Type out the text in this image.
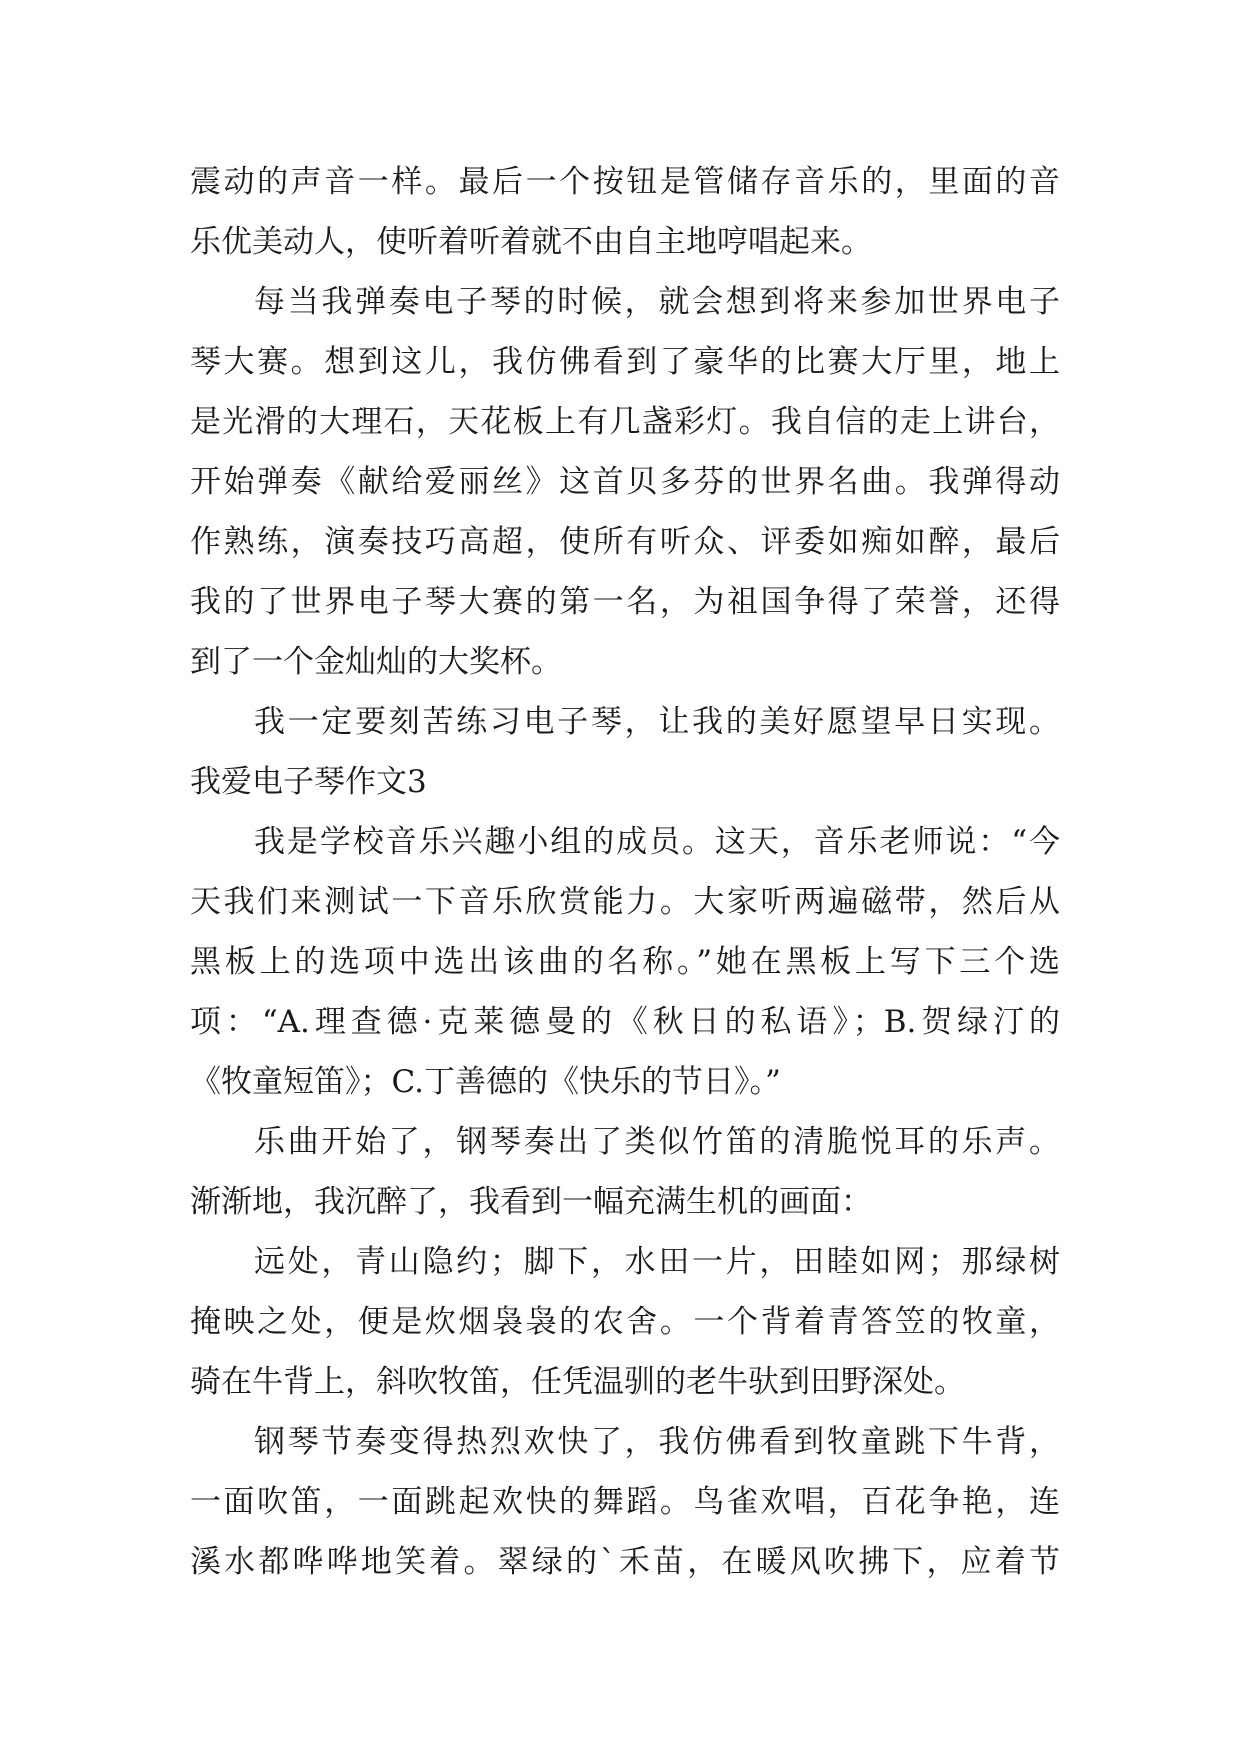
震动的声音一样。最后一个按钮是管储存音乐的，里面的音
乐优美动人，使听着听着就不由自主地哼唱起来。
每当我弹奏电子琴的时候，就会想到将来参加世界电子
琴大赛。想到这儿，我仿佛看到了豪华的比赛大厅里，地上
是光滑的大理石，天花板上有几盏彩灯。我自信的走上讲台，
开始弹奏《献给爱丽丝》这首贝多芬的世界名曲。我弹得动
作熟练，演奏技巧高超，使所有听众、评委如痴如醉，最后
我的了世界电子琴大赛的第一名，为祖国争得了荣誉，还得
到了一个金灿灿的大奖杯。
我一定要刻苦练习电子琴，让我的美好愿望早日实现。
我爱电子琴作文3
我是学校音乐兴趣小组的成员。这天，音乐老师说：“今
天我们来测试一下音乐欣赏能力。大家听两遍磁带，然后从
黑板上的选项中选出该曲的名称。”她在黑板上写下三个选
项：“A.理查德·克莱德曼的《秋日的私语》；B.贺绿汀的
《牧童短笛》；C.丁善德的《快乐的节日》。”
乐曲开始了，钢琴奏出了类似竹笛的清脆悦耳的乐声。
渐渐地，我沉醉了，我看到一幅充满生机的画面：
远处，青山隐约；脚下，水田一片，田睦如网；那绿树
掩映之处，便是炊烟袅袅的农舍。一个背着青答笠的牧童，
骑在牛背上，斜吹牧笛，任凭温驯的老牛驮到田野深处。
钢琴节奏变得热烈欢快了，我仿佛看到牧童跳下牛背，
一面吹笛，一面跳起欢快的舞蹈。鸟雀欢唱，百花争艳，连
溪水都哗哗地笑着。翠绿的`禾苗，在暖风吹拂下，应着节
